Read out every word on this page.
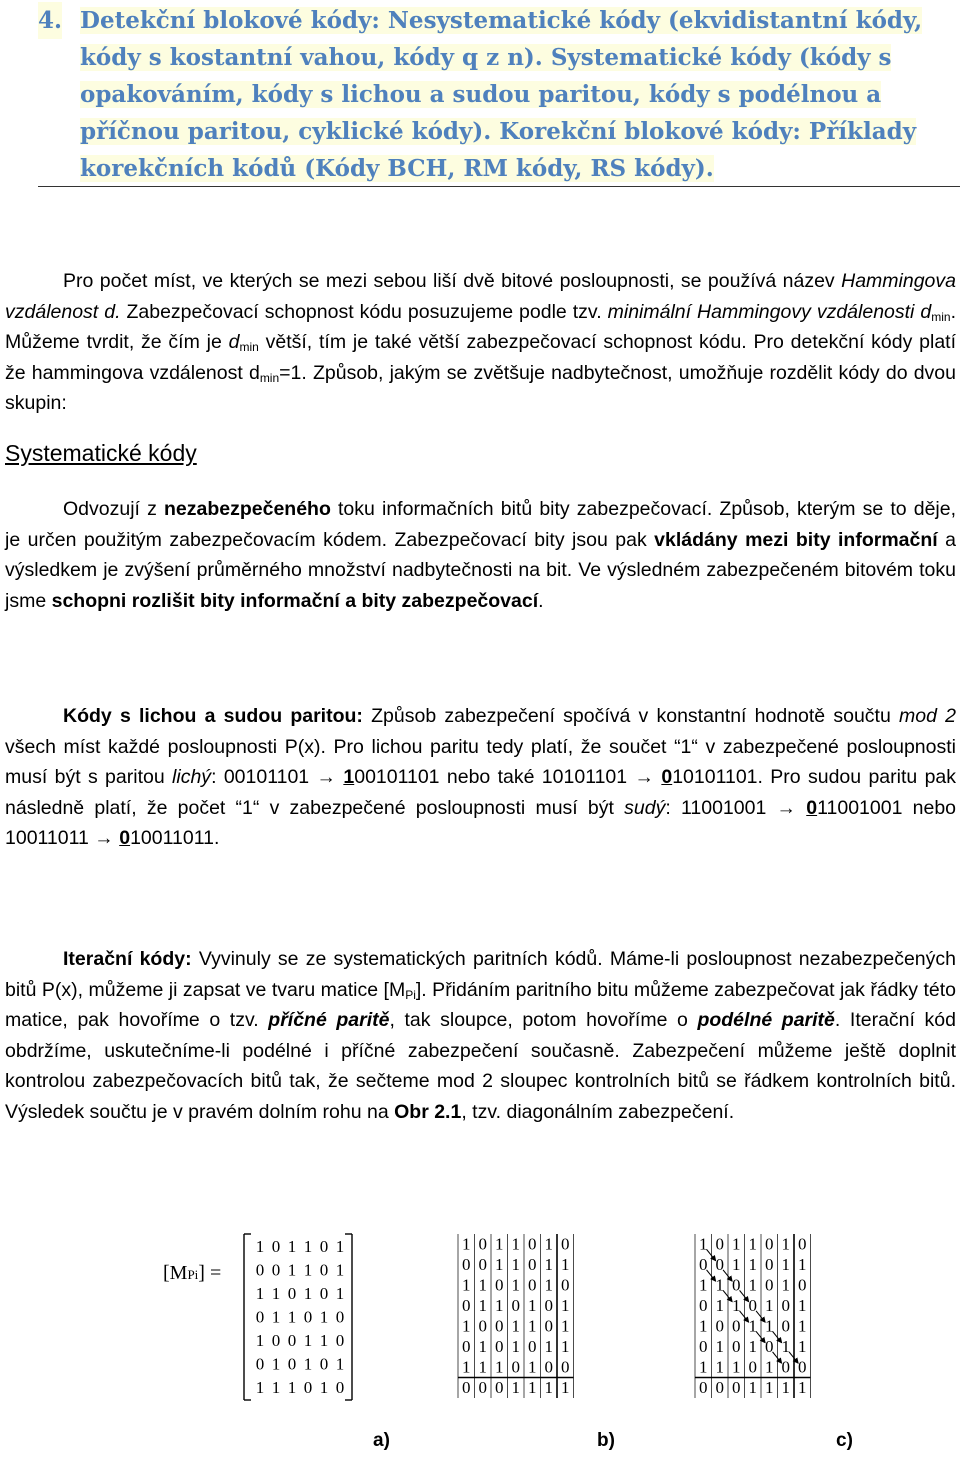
4. Detekční blokové kódy: Nesystematické kódy (ekvidistantní kódy, kódy s kostantní vahou, kódy q z n). Systematické kódy (kódy s opakováním, kódy s lichou a sudou paritou, kódy s podélnou a příčnou paritou, cyklické kódy). Korekční blokové kódy: Příklady korekčních kódů (Kódy BCH, RM kódy, RS kódy).
Pro počet míst, ve kterých se mezi sebou liší dvě bitové posloupnosti, se používá název Hammingova vzdálenost d. Zabezpečovací schopnost kódu posuzujeme podle tzv. minimální Hammingovy vzdálenosti $d_{min}$. Můžeme tvrdit, že čím je $d_{min}$ větší, tím je také větší zabezpečovací schopnost kódu. Pro detekční kódy platí že hammingova vzdálenost $d_{min}=1$. Způsob, jakým se zvětšuje nadbytečnost, umožňuje rozdělit kódy do dvou skupin:
Systematické kódy
Odvozují z nezabezpečeného toku informačních bitů bity zabezpečovací. Způsob, kterým se to děje, je určen použitým zabezpečovacím kódem. Zabezpečovací bity jsou pak vkládány mezi bity informační a výsledkem je zvýšení průměrného množství nadbytečnosti na bit. Ve výsledném zabezpečeném bitovém toku jsme schopni rozlišit bity informační a bity zabezpečovací.
Kódy s lichou a sudou paritou: Způsob zabezpečení spočívá v konstantní hodnotě součtu mod 2 všech míst každé posloupnosti P(x). Pro lichou paritu tedy platí, že součet “1“ v zabezpečené posloupnosti musí být s paritou lichý: 00101101 → 100101101 nebo také 10101101 → 010101101. Pro sudou paritu pak následně platí, že počet “1“ v zabezpečené posloupnosti musí být sudý: 11001001 → 011001001 nebo 10011011 → 010011011.
Iterační kódy: Vyvinuly se ze systematických paritních kódů. Máme-li posloupnost nezabezpečených bitů P(x), můžeme ji zapsat ve tvaru matice $[M_{Pi}]$. Přidáním paritního bitu můžeme zabezpečovat jak řádky této matice, pak hovoříme o tzv. příčné paritě, tak sloupce, potom hovoříme o podélné paritě. Iterační kód obdržíme, uskutečníme-li podélné i příčné zabezpečení současně. Zabezpečení můžeme ještě doplnit kontrolou zabezpečovacích bitů tak, že sečteme mod 2 sloupec kontrolních bitů se řádkem kontrolních bitů. Výsledek součtu je v pravém dolním rohu na Obr 2.1, tzv. diagonálním zabezpečení.
[MPi] =
1 0 1 1 0 1
0 0 1 1 0 1
1 1 0 1 0 1
0 1 1 0 1 0
1 0 0 1 1 0
0 1 0 1 0 1
1 1 1 0 1 0
1 0 1 1 0 1 0
0 0 1 1 0 1 1
1 1 0 1 0 1 0
0 1 1 0 1 0 1
1 0 0 1 1 0 1
0 1 0 1 0 1 1
1 1 1 0 1 0 0
0 0 0 1 1 1 1
1 0 1 1 0 1 0
0 0 1 1 0 1 1
1 1 0 1 0 1 0
0 1 1 0 1 0 1
1 0 0 1 1 0 1
0 1 0 1 0 1 1
1 1 1 0 1 0 0
0 0 0 1 1 1 1
a)	b)	c)
